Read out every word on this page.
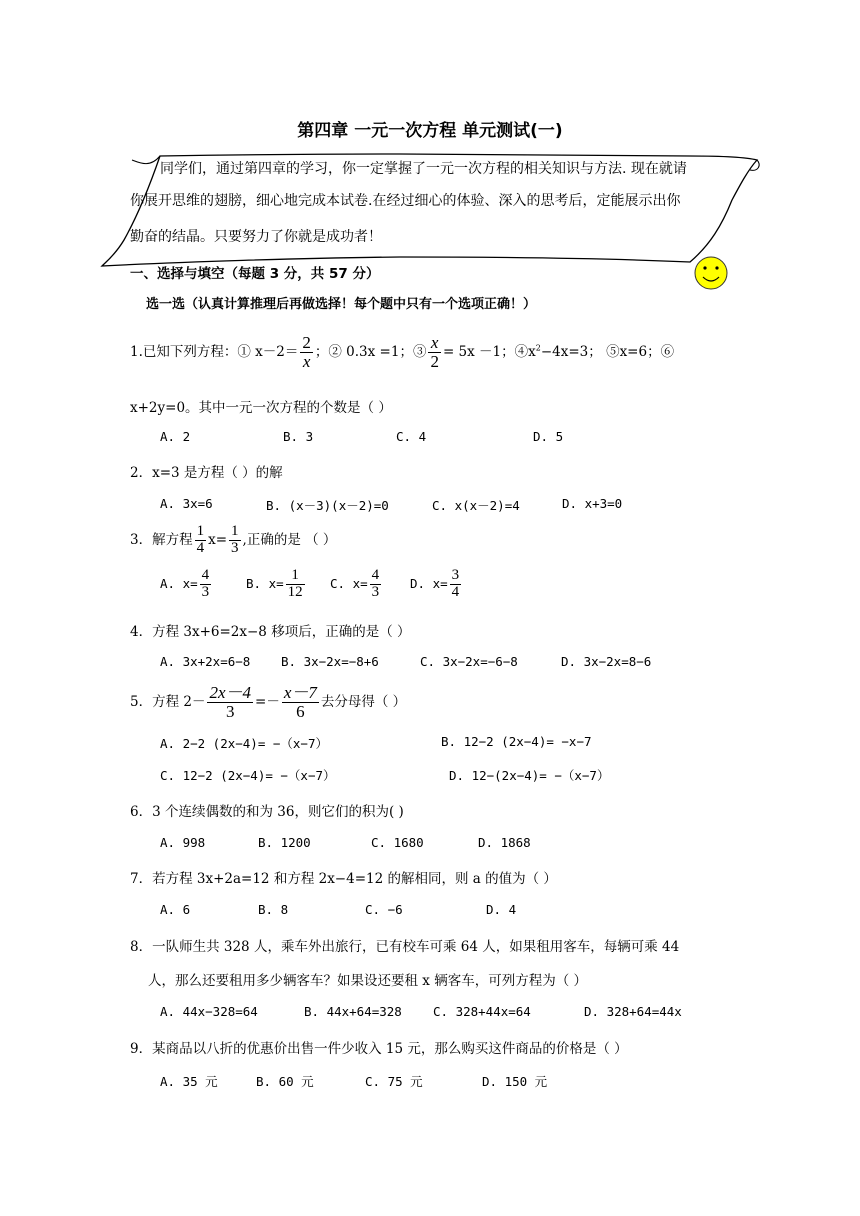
第四章 一元一次方程 单元测试(一)
同学们，通过第四章的学习，你一定掌握了一元一次方程的相关知识与方法. 现在就请
你展开思维的翅膀，细心地完成本试卷.在经过细心的体验、深入的思考后，定能展示出你
勤奋的结晶。只要努力了你就是成功者！
一、选择与填空（每题 3 分，共 57 分）
选一选（认真计算推理后再做选择！每个题中只有一个选项正确！）
1.已知下列方程：① $x-2= \frac{2}{x}$ ；② 0.3x =1；③ $\frac{x}{2} = 5x -1$；$④x^2-4x=3$； ⑤x=6；⑥
x+2y=0。其中一元一次方程的个数是（ ）
A. 2	B. 3	C. 4	D. 5
2．x=3 是方程（ ）的解
A. 3x=6	B. (x－3)(x－2)=0	C. x(x－2)=4	D. x+3=0
3．解方程 $\frac{1}{4} x= \frac{1}{3}$ ,正确的是 （ ）
A. $x= \frac{4}{3}$	B. $x= \frac{1}{12} C$. $x= \frac{4}{3} D$. $x= \frac{3}{4}$
4．方程 3x+6=2x−8 移项后，正确的是（ ）
A. 3x+2x=6−8 B. 3x−2x=−8+6	C. 3x−2x=−6−8	D. 3x−2x=8−6
5．方程 $2- \frac{2x-4}{3} =- \frac{x-7}{6}$ 去分母得（ ）
A. 2−2 (2x−4)= −（x−7）	B. 12−2 (2x−4)= −x−7
C. 12−2 (2x−4)= −（x−7）	D. 12−(2x−4)= −（x−7）
6．3 个连续偶数的和为 36，则它们的积为( )
A. 998	B. 1200	C. 1680	D. 1868
7．若方程 3x+2a=12 和方程 2x−4=12 的解相同，则 a 的值为（ ）
A. 6	B. 8	C. −6	D. 4
8．一队师生共 328 人，乘车外出旅行，已有校车可乘 64 人，如果租用客车，每辆可乘 44
人，那么还要租用多少辆客车？如果设还要租 x 辆客车，可列方程为（ ）
A. 44x−328=64	B. 44x+64=328 C. 328+44x=64	D. 328+64=44x
9．某商品以八折的优惠价出售一件少收入 15 元，那么购买这件商品的价格是（ ）
A. 35 元	B. 60 元	C. 75 元	D. 150 元
